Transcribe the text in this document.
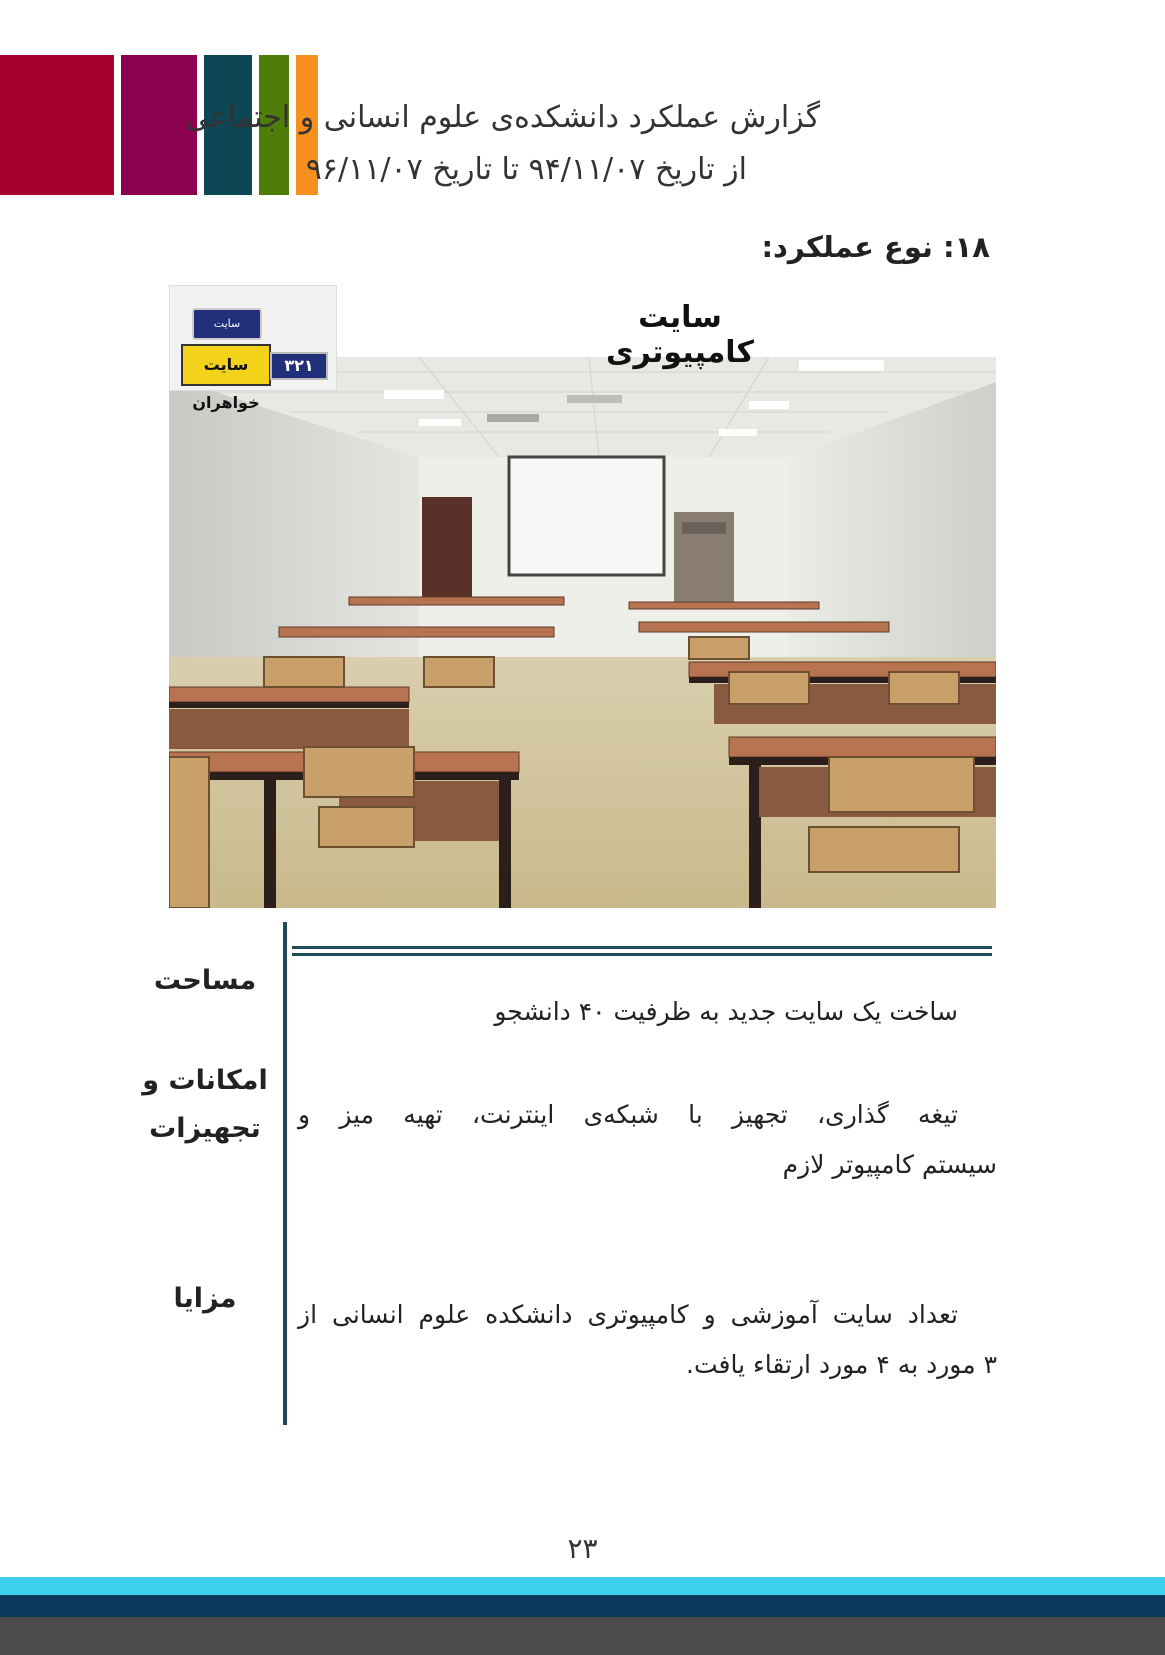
گزارش عملکرد دانشکده‌ی علوم انسانی و اجتماعی
از تاریخ ۹۴/۱۱/۰۷ تا تاریخ ۹۶/۱۱/۰۷
۱۸: نوع عملکرد:
سایت
سایت خواهران
۳۲۱
سایت کامپیوتری
مساحت
ساخت یک سایت جدید به ظرفیت ۴۰ دانشجو
امکانات و
تجهیزات	تیغه گذاری، تجهیز با شبکه‌ی اینترنت، تهیه میز و
سیستم کامپیوتر لازم
مزایا
تعداد سایت آموزشی و کامپیوتری دانشکده علوم انسانی از
۳ مورد به ۴ مورد ارتقاء یافت.
۲۳
